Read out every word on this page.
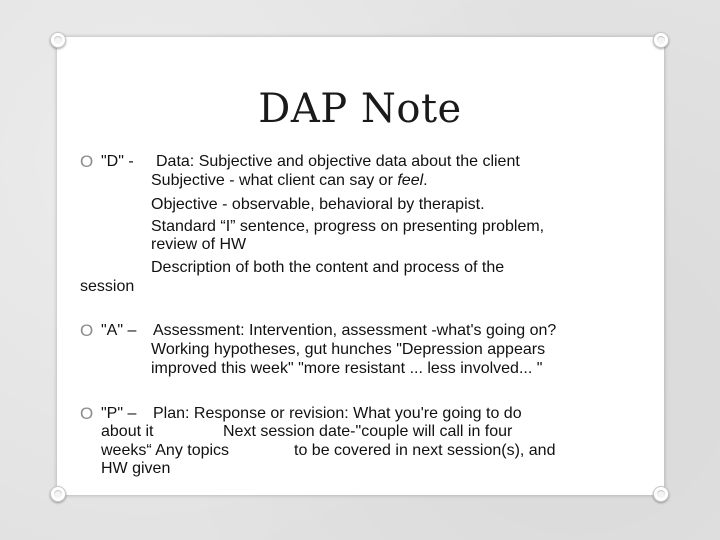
DAP Note
O "D" - Data: Subjective and objective data about the client
Subjective - what client can say or feel.
Objective - observable, behavioral by therapist.
Standard “I” sentence, progress on presenting problem,
review of HW
Description of both the content and process of the
session
O "A" – Assessment: Intervention, assessment -what's going on?
Working hypotheses, gut hunches "Depression appears
improved this week" "more resistant ... less involved... "
O "P" – Plan: Response or revision: What you're going to do
about it	Next session date-"couple will call in four
weeks“ Any topics	to be covered in next session(s), and
HW given
